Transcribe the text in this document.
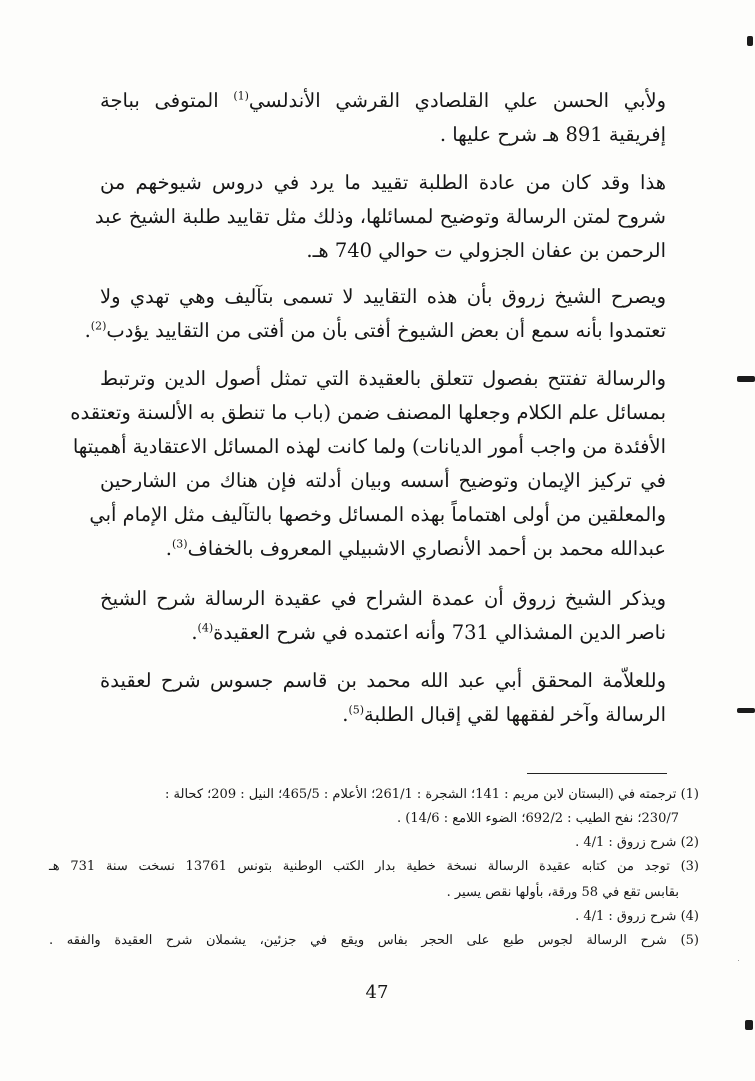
ولأبي الحسن علي القلصادي القرشي الأندلسي$^{(1)}$ المتوفى بباجة

إفريقية 891 هـ شرح عليها .

هذا وقد كان من عادة الطلبة تقييد ما يرد في دروس شيوخهم من

شروح لمتن الرسالة وتوضيح لمسائلها، وذلك مثل تقاييد طلبة الشيخ عبد

الرحمن بن عفان الجزولي ت حوالي 740 هـ.

ويصرح الشيخ زروق بأن هذه التقاييد لا تسمى بتآليف وهي تهدي ولا

تعتمدوا بأنه سمع أن بعض الشيوخ أفتى بأن من أفتى من التقاييد يؤدب$^{(2)}$.

والرسالة تفتتح بفصول تتعلق بالعقيدة التي تمثل أصول الدين وترتبط

بمسائل علم الكلام وجعلها المصنف ضمن (باب ما تنطق به الألسنة وتعتقده

الأفئدة من واجب أمور الديانات) ولما كانت لهذه المسائل الاعتقادية أهميتها

في تركيز الإيمان وتوضيح أسسه وبيان أدلته فإن هناك من الشارحين

والمعلقين من أولى اهتماماً بهذه المسائل وخصها بالتآليف مثل الإمام أبي

عبدالله محمد بن أحمد الأنصاري الاشبيلي المعروف بالخفاف$^{(3)}$.

ويذكر الشيخ زروق أن عمدة الشراح في عقيدة الرسالة شرح الشيخ

ناصر الدين المشذالي 731 وأنه اعتمده في شرح العقيدة$^{(4)}$.

وللعلاّمة المحقق أبي عبد الله محمد بن قاسم جسوس شرح لعقيدة

الرسالة وآخر لفقهها لقي إقبال الطلبة$^{(5)}$.

(1) ترجمته في (البستان لابن مريم : 141؛ الشجرة : 261/1؛ الأعلام : 465/5؛ النيل : 209؛ كحالة :

230/7؛ نفح الطيب : 692/2؛ الضوء اللامع : 14/6) .

(2) شرح زروق : 4/1 .

(3) توجد من كتابه عقيدة الرسالة نسخة خطية بدار الكتب الوطنية بتونس 13761 نسخت سنة 731 هـ

بقابس تقع في 58 ورقة، بأولها نقص يسير .

(4) شرح زروق : 4/1 .

(5) شرح الرسالة لجوس طبع على الحجر بفاس ويقع في جزئين، يشملان شرح العقيدة والفقه .

47
